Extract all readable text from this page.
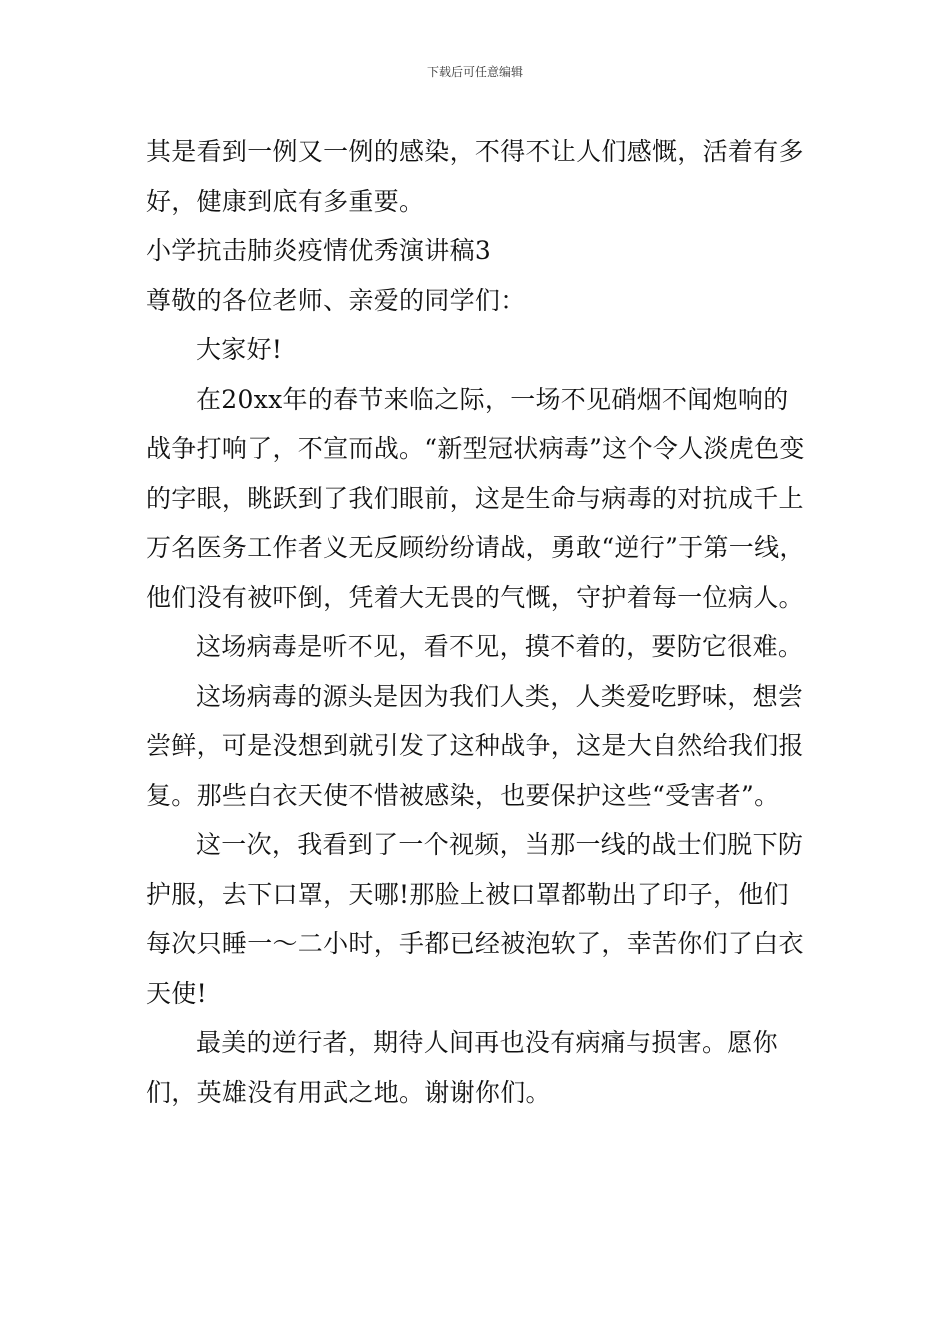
下载后可任意编辑

其是看到一例又一例的感染，不得不让人们感慨，活着有多好，健康到底有多重要。

小学抗击肺炎疫情优秀演讲稿3

尊敬的各位老师、亲爱的同学们：

大家好!

在20xx年的春节来临之际，一场不见硝烟不闻炮响的战争打响了，不宣而战。“新型冠状病毒”这个令人淡虎色变的字眼，眺跃到了我们眼前，这是生命与病毒的对抗成千上万名医务工作者义无反顾纷纷请战，勇敢“逆行”于第一线，他们没有被吓倒，凭着大无畏的气慨，守护着每一位病人。

这场病毒是听不见，看不见，摸不着的，要防它很难。

这场病毒的源头是因为我们人类，人类爱吃野味，想尝尝鲜，可是没想到就引发了这种战争，这是大自然给我们报复。那些白衣天使不惜被感染，也要保护这些“受害者”。

这一次，我看到了一个视频，当那一线的战士们脱下防护服，去下口罩，天哪!那脸上被口罩都勒出了印子，他们每次只睡一～二小时，手都已经被泡软了，幸苦你们了白衣天使!

最美的逆行者，期待人间再也没有病痛与损害。愿你们，英雄没有用武之地。谢谢你们。
